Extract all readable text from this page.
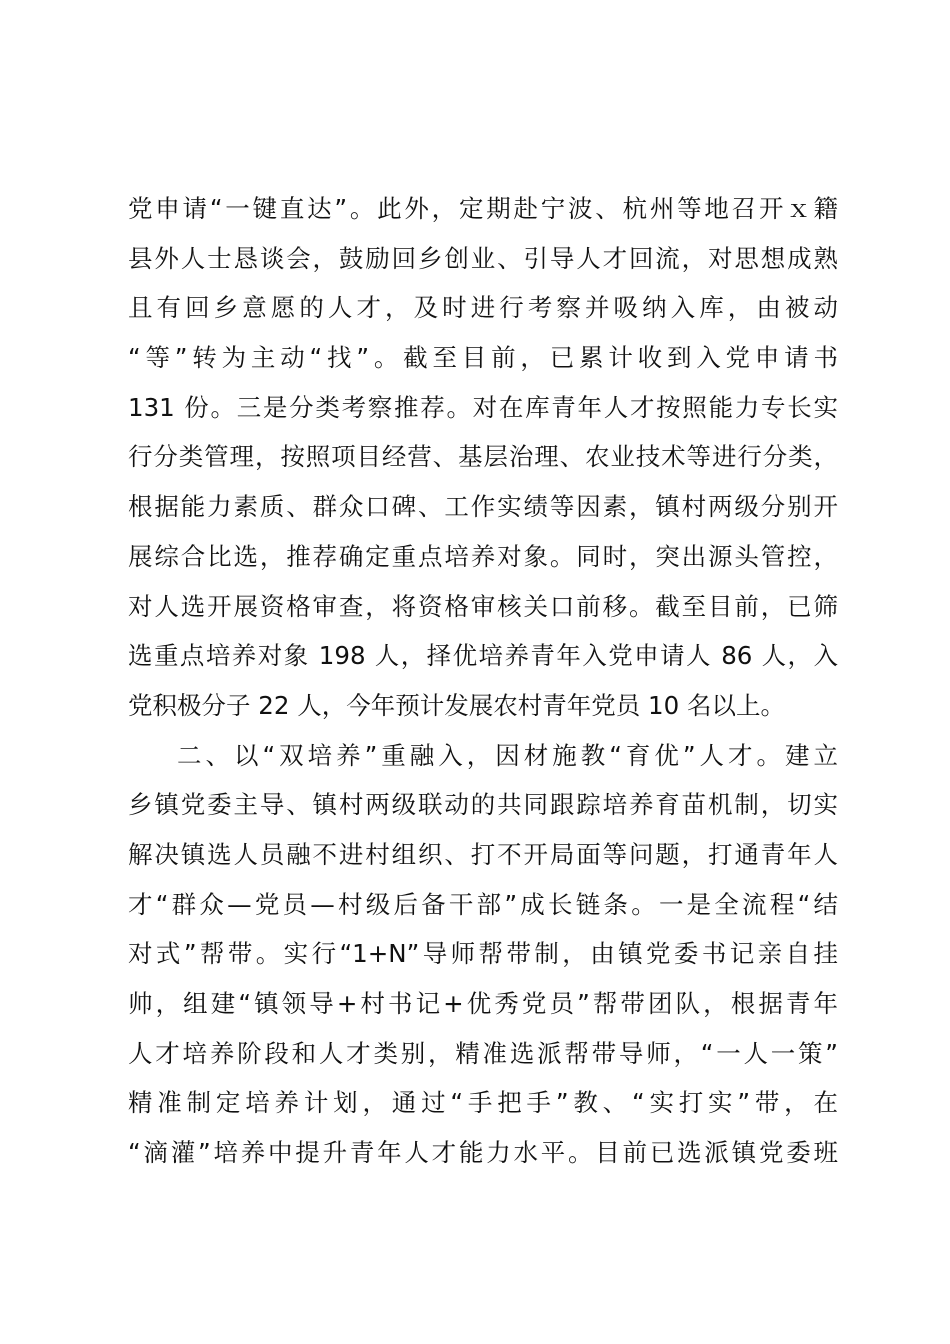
党申请“一键直达”。此外，定期赴宁波、杭州等地召开ｘ籍
县外人士恳谈会，鼓励回乡创业、引导人才回流，对思想成熟
且有回乡意愿的人才，及时进行考察并吸纳入库，由被动
“等”转为主动“找”。截至目前，已累计收到入党申请书
131 份。三是分类考察推荐。对在库青年人才按照能力专长实
行分类管理，按照项目经营、基层治理、农业技术等进行分类，
根据能力素质、群众口碑、工作实绩等因素，镇村两级分别开
展综合比选，推荐确定重点培养对象。同时，突出源头管控，
对人选开展资格审查，将资格审核关口前移。截至目前，已筛
选重点培养对象 198 人，择优培养青年入党申请人 86 人，入
党积极分子 22 人，今年预计发展农村青年党员 10 名以上。
二、以“双培养”重融入，因材施教“育优”人才。建立
乡镇党委主导、镇村两级联动的共同跟踪培养育苗机制，切实
解决镇选人员融不进村组织、打不开局面等问题，打通青年人
才“群众—党员—村级后备干部”成长链条。一是全流程“结
对式”帮带。实行“1+N”导师帮带制，由镇党委书记亲自挂
帅，组建“镇领导+村书记+优秀党员”帮带团队，根据青年
人才培养阶段和人才类别，精准选派帮带导师，“一人一策”
精准制定培养计划，通过“手把手”教、“实打实”带，在
“滴灌”培养中提升青年人才能力水平。目前已选派镇党委班
